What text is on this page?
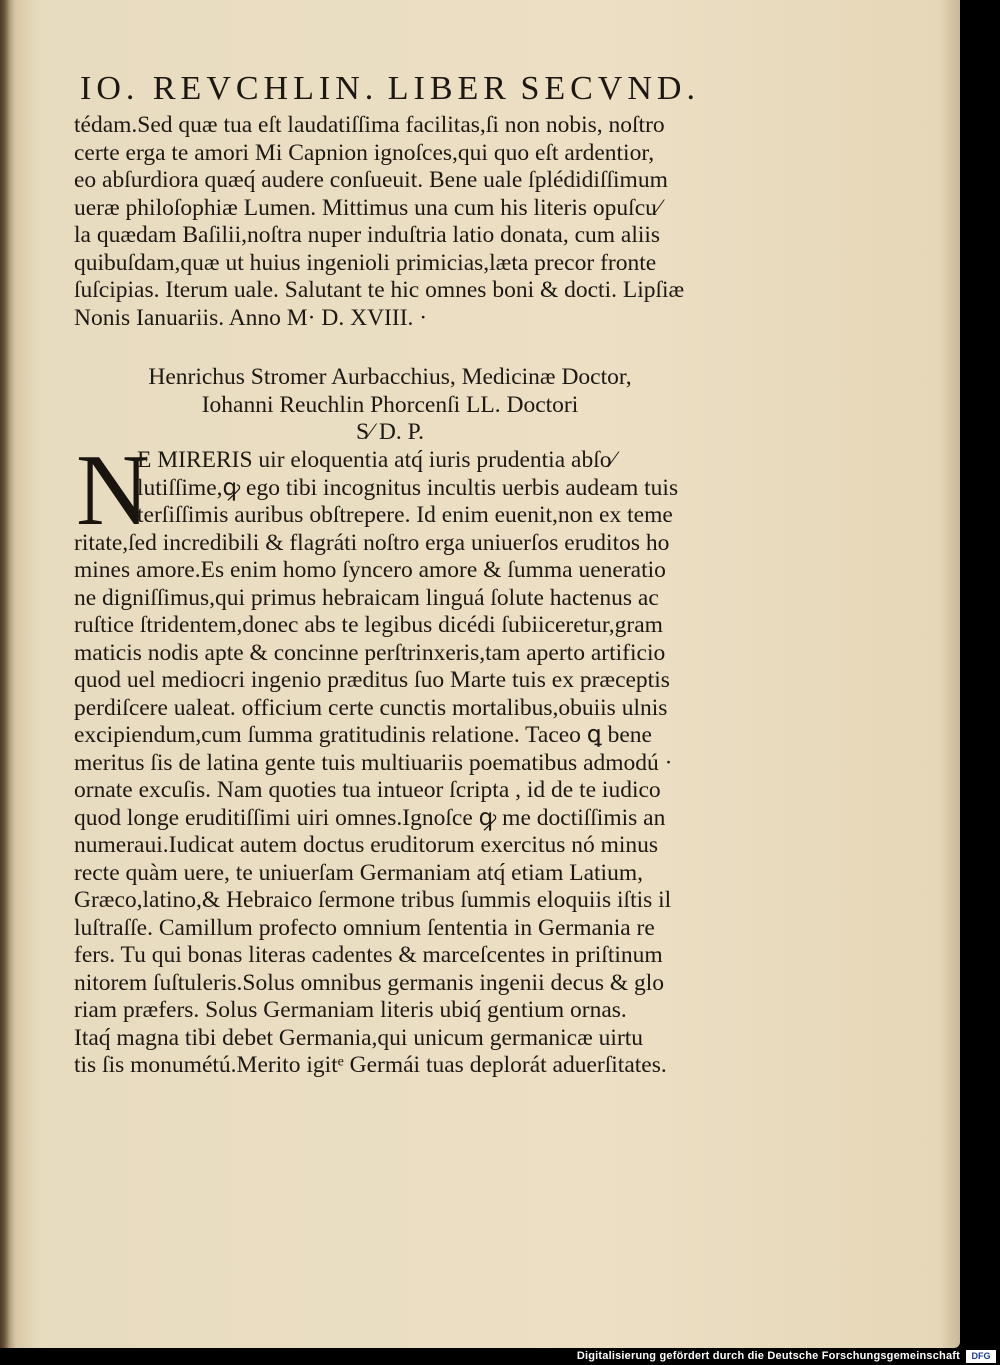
IO. REVCHLIN. LIBER SECVND.
tédam.Sed quæ tua eſt laudatiſſima facilitas,ſi non nobis, noſtro
certe erga te amori Mi Capnion ignoſces,qui quo eſt ardentior,
eo abſurdiora quæq́ audere conſueuit. Bene uale ſplédidiſſimum
ueræ philoſophiæ Lumen. Mittimus una cum his literis opuſcu⁄
la quædam Baſilii,noſtra nuper induſtria latio donata, cum aliis
quibuſdam,quæ ut huius ingenioli primicias,læta precor fronte
ſuſcipias. Iterum uale. Salutant te hic omnes boni & docti. Lipſiæ
Nonis Ianuariis. Anno M· D. XVIII. ·
Henrichus Stromer Aurbacchius, Medicinæ Doctor,
Iohanni Reuchlin Phorcenſi LL. Doctori
S⁄ D. P.
N
E MIRERIS uir eloquentia atq́ iuris prudentia abſo⁄
lutiſſime,ꝙ ego tibi incognitus incultis uerbis audeam tuis
terſiſſimis auribus obſtrepere. Id enim euenit,non ex teme
ritate,ſed incredibili & flagráti noſtro erga uniuerſos eruditos ho
mines amore.Es enim homo ſyncero amore & ſumma ueneratio
ne digniſſimus,qui primus hebraicam linguá ſolute hactenus ac
ruſtice ſtridentem,donec abs te legibus dicédi ſubiiceretur,gram
maticis nodis apte & concinne perſtrinxeris,tam aperto artificio
quod uel mediocri ingenio præditus ſuo Marte tuis ex præceptis
perdiſcere ualeat. officium certe cunctis mortalibus,obuiis ulnis
excipiendum,cum ſumma gratitudinis relatione. Taceo ꝗ bene
meritus ſis de latina gente tuis multiuariis poematibus admodú ·
ornate excuſis. Nam quoties tua intueor ſcripta , id de te iudico
quod longe eruditiſſimi uiri omnes.Ignoſce ꝙ me doctiſſimis an
numeraui.Iudicat autem doctus eruditorum exercitus nó minus
recte quàm uere, te uniuerſam Germaniam atq́ etiam Latium,
Græco,latino,& Hebraico ſermone tribus ſummis eloquiis iſtis il
luſtraſſe. Camillum profecto omnium ſententia in Germania re
fers. Tu qui bonas literas cadentes & marceſcentes in priſtinum
nitorem ſuſtuleris.Solus omnibus germanis ingenii decus & glo
riam præfers. Solus Germaniam literis ubiq́ gentium ornas.
Itaq́ magna tibi debet Germania,qui unicum germanicæ uirtu
tis ſis monumétú.Merito igitᵉ Germái tuas deplorát aduerſitates.
Digitalisierung gefördert durch die Deutsche Forschungsgemeinschaft	DFG
